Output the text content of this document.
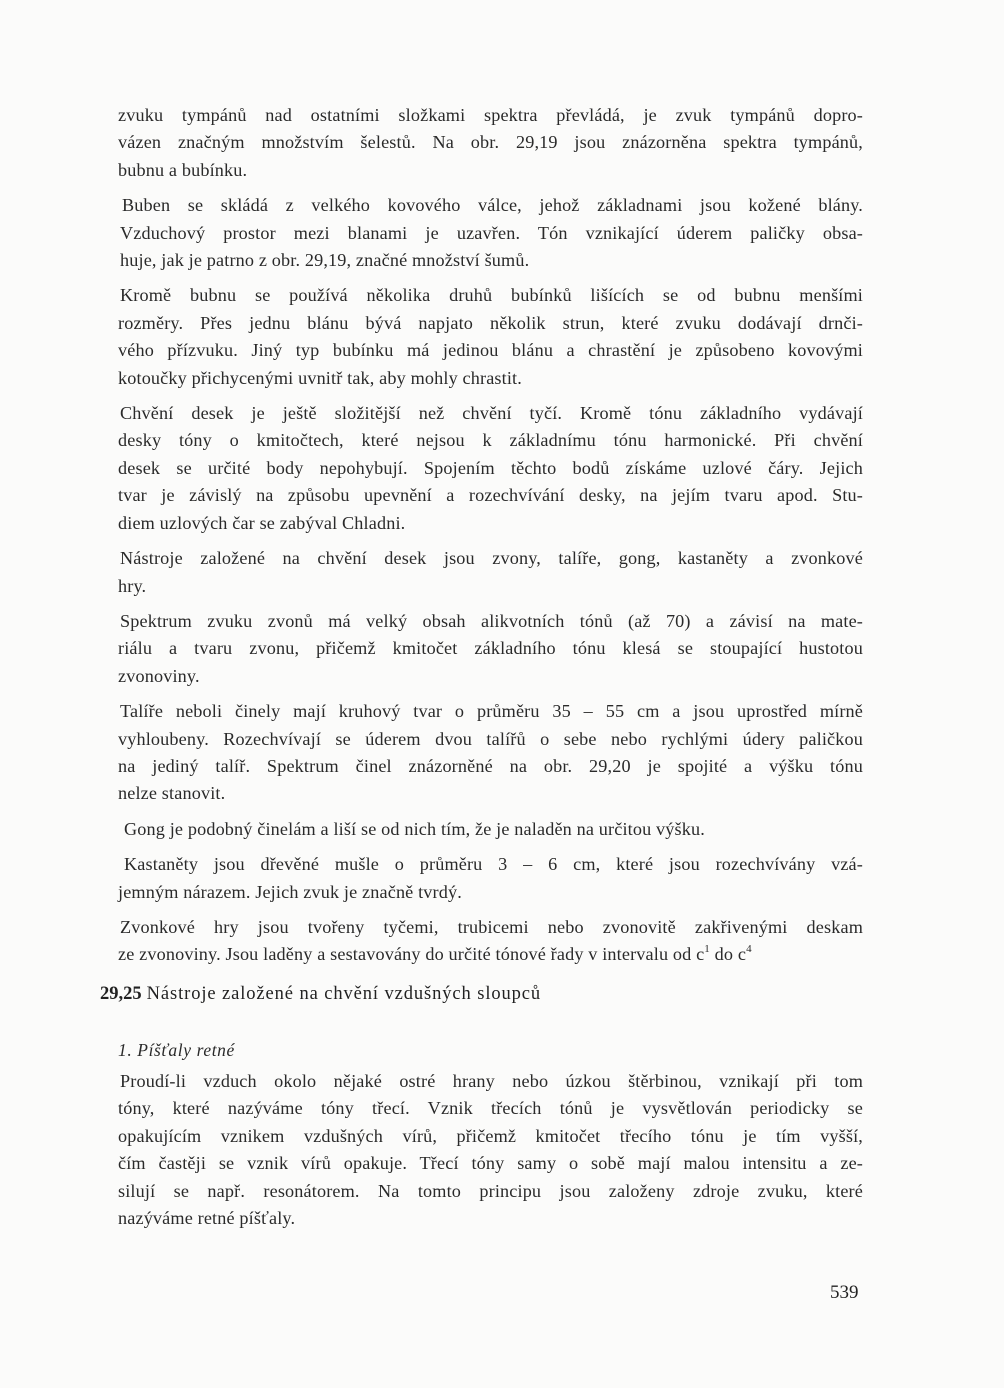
zvuku tympánů nad ostatními složkami spektra převládá, je zvuk tympánů dopro-
vázen značným množstvím šelestů. Na obr. 29,19 jsou znázorněna spektra tympánů,
bubnu a bubínku.

Buben se skládá z velkého kovového válce, jehož základnami jsou kožené blány.
Vzduchový prostor mezi blanami je uzavřen. Tón vznikající úderem paličky obsa-
huje, jak je patrno z obr. 29,19, značné množství šumů.

Kromě bubnu se používá několika druhů bubínků lišících se od bubnu menšími
rozměry. Přes jednu blánu bývá napjato několik strun, které zvuku dodávají drnči-
vého přízvuku. Jiný typ bubínku má jedinou blánu a chrastění je způsobeno kovovými
kotoučky přichycenými uvnitř tak, aby mohly chrastit.

Chvění desek je ještě složitější než chvění tyčí. Kromě tónu základního vydávají
desky tóny o kmitočtech, které nejsou k základnímu tónu harmonické. Při chvění
desek se určité body nepohybují. Spojením těchto bodů získáme uzlové čáry. Jejich
tvar je závislý na způsobu upevnění a rozechvívání desky, na jejím tvaru apod. Stu-
diem uzlových čar se zabýval Chladni.

Nástroje založené na chvění desek jsou zvony, talíře, gong, kastaněty a zvonkové
hry.

Spektrum zvuku zvonů má velký obsah alikvotních tónů (až 70) a závisí na mate-
riálu a tvaru zvonu, přičemž kmitočet základního tónu klesá se stoupající hustotou
zvonoviny.

Talíře neboli činely mají kruhový tvar o průměru 35 – 55 cm a jsou uprostřed mírně
vyhloubeny. Rozechvívají se úderem dvou talířů o sebe nebo rychlými údery paličkou
na jediný talíř. Spektrum činel znázorněné na obr. 29,20 je spojité a výšku tónu
nelze stanovit.

Gong je podobný činelám a liší se od nich tím, že je naladěn na určitou výšku.

Kastaněty jsou dřevěné mušle o průměru 3 – 6 cm, které jsou rozechvívány vzá-
jemným nárazem. Jejich zvuk je značně tvrdý.

Zvonkové hry jsou tvořeny tyčemi, trubicemi nebo zvonovitě zakřivenými deskam
ze zvonoviny. Jsou laděny a sestavovány do určité tónové řady v intervalu od $c^1$ do $c^4$

29,25 Nástroje založené na chvění vzdušných sloupců
1. Píšťaly retné

Proudí-li vzduch okolo nějaké ostré hrany nebo úzkou štěrbinou, vznikají při tom
tóny, které nazýváme tóny třecí. Vznik třecích tónů je vysvětlován periodicky se
opakujícím vznikem vzdušných vírů, přičemž kmitočet třecího tónu je tím vyšší,
čím častěji se vznik vírů opakuje. Třecí tóny samy o sobě mají malou intensitu a ze-
silují se např. resonátorem. Na tomto principu jsou založeny zdroje zvuku, které
nazýváme retné píšťaly.

539
